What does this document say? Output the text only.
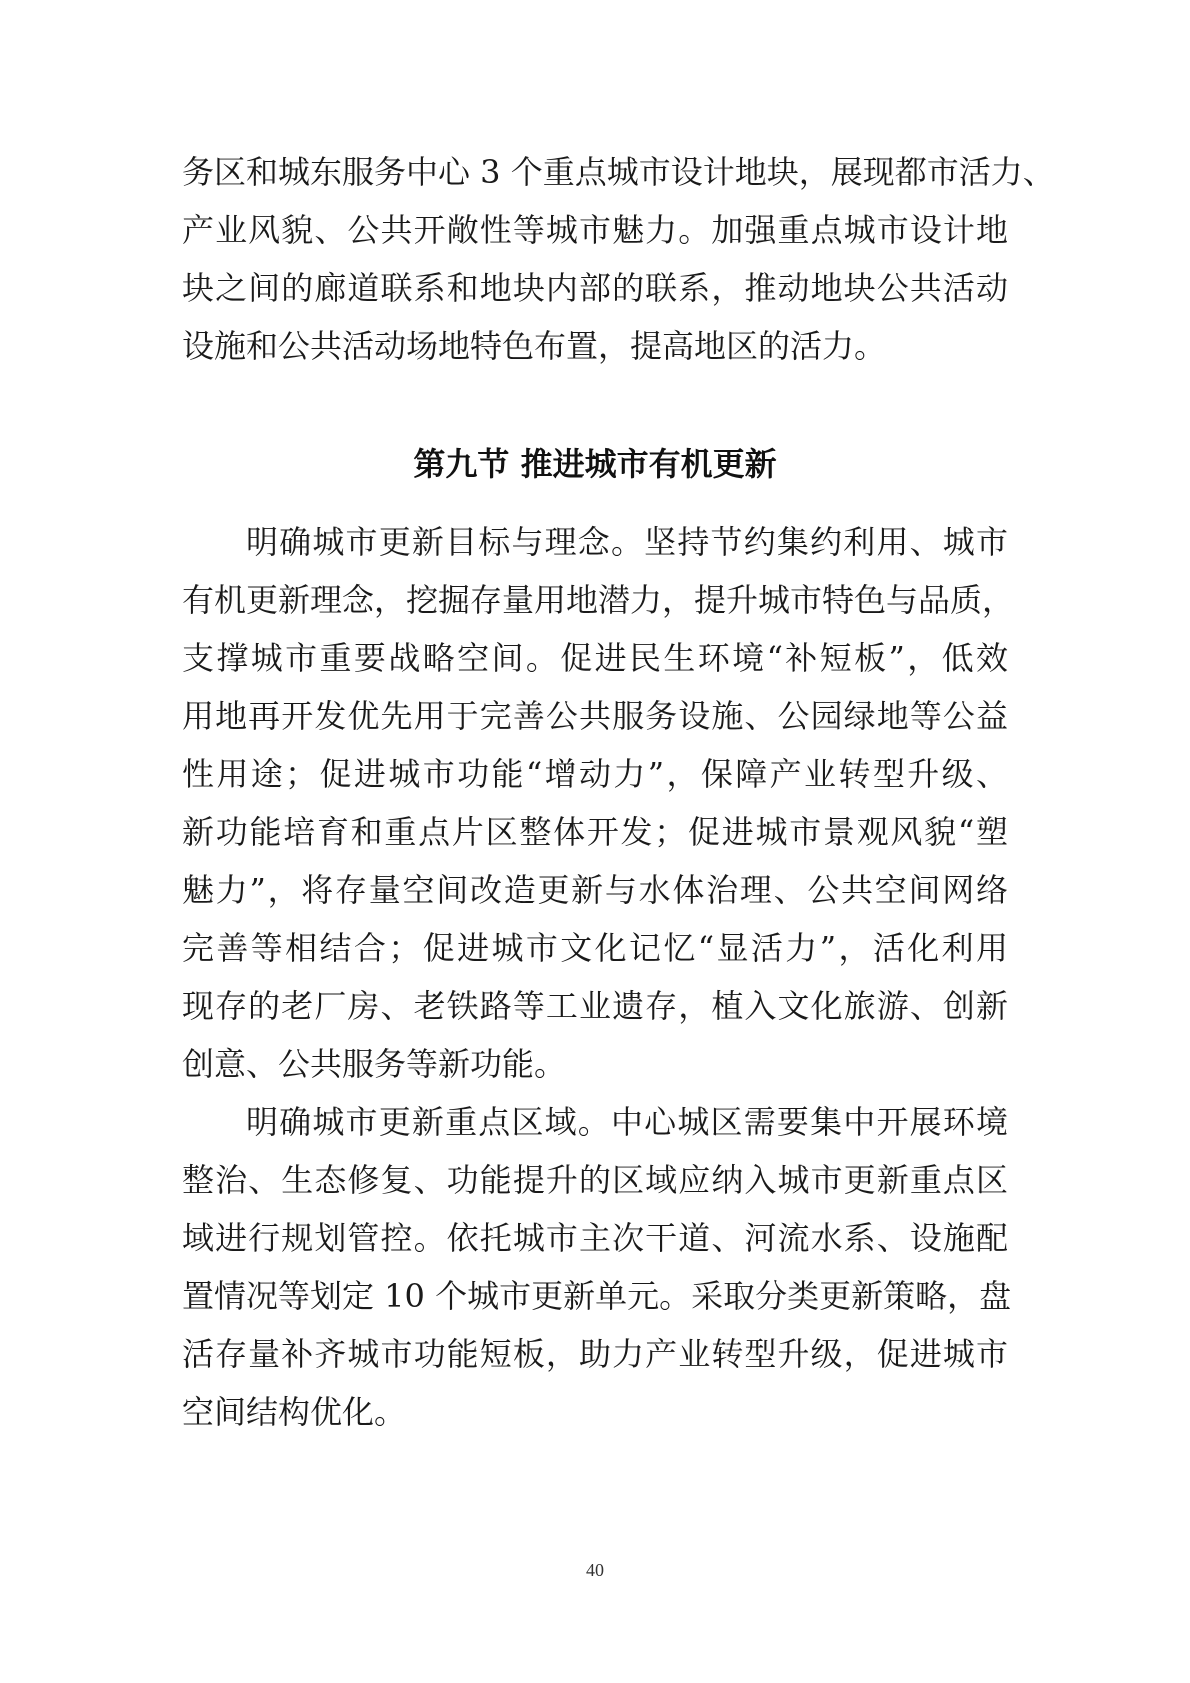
务区和城东服务中心 3 个重点城市设计地块，展现都市活力、
产业风貌、公共开敞性等城市魅力。加强重点城市设计地
块之间的廊道联系和地块内部的联系，推动地块公共活动
设施和公共活动场地特色布置，提高地区的活力。
第九节 推进城市有机更新
明确城市更新目标与理念。坚持节约集约利用、城市
有机更新理念，挖掘存量用地潜力，提升城市特色与品质，
支撑城市重要战略空间。促进民生环境“补短板”，低效
用地再开发优先用于完善公共服务设施、公园绿地等公益
性用途；促进城市功能“增动力”，保障产业转型升级、
新功能培育和重点片区整体开发；促进城市景观风貌“塑
魅力”，将存量空间改造更新与水体治理、公共空间网络
完善等相结合；促进城市文化记忆“显活力”，活化利用
现存的老厂房、老铁路等工业遗存，植入文化旅游、创新
创意、公共服务等新功能。
明确城市更新重点区域。中心城区需要集中开展环境
整治、生态修复、功能提升的区域应纳入城市更新重点区
域进行规划管控。依托城市主次干道、河流水系、设施配
置情况等划定 10 个城市更新单元。采取分类更新策略，盘
活存量补齐城市功能短板，助力产业转型升级，促进城市
空间结构优化。
40
